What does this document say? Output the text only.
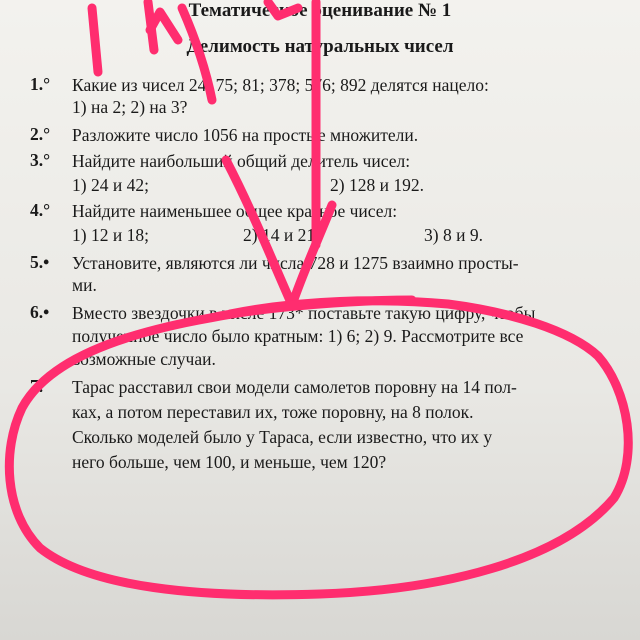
Тематическое оценивание № 1
Делимость натуральных чисел
1.° Какие из чисел 24; 75; 81; 378; 576; 892 делятся нацело:
1) на 2; 2) на 3?
2.° Разложите число 1056 на простые множители.
3.° Найдите наибольший общий делитель чисел:
1) 24 и 42;	2) 128 и 192.
4.° Найдите наименьшее общее кратное чисел:
1) 12 и 18;	2) 14 и 21;	3) 8 и 9.
5.• Установите, являются ли числа 728 и 1275 взаимно просты-
ми.
6.• Вместо звездочки в числе 173* поставьте такую цифру, чтобы
полученное число было кратным: 1) 6; 2) 9. Рассмотрите все
возможные случаи.
7. Тарас расставил свои модели самолетов поровну на 14 пол-
ках, а потом переставил их, тоже поровну, на 8 полок.
Сколько моделей было у Тараса, если известно, что их у
него больше, чем 100, и меньше, чем 120?
